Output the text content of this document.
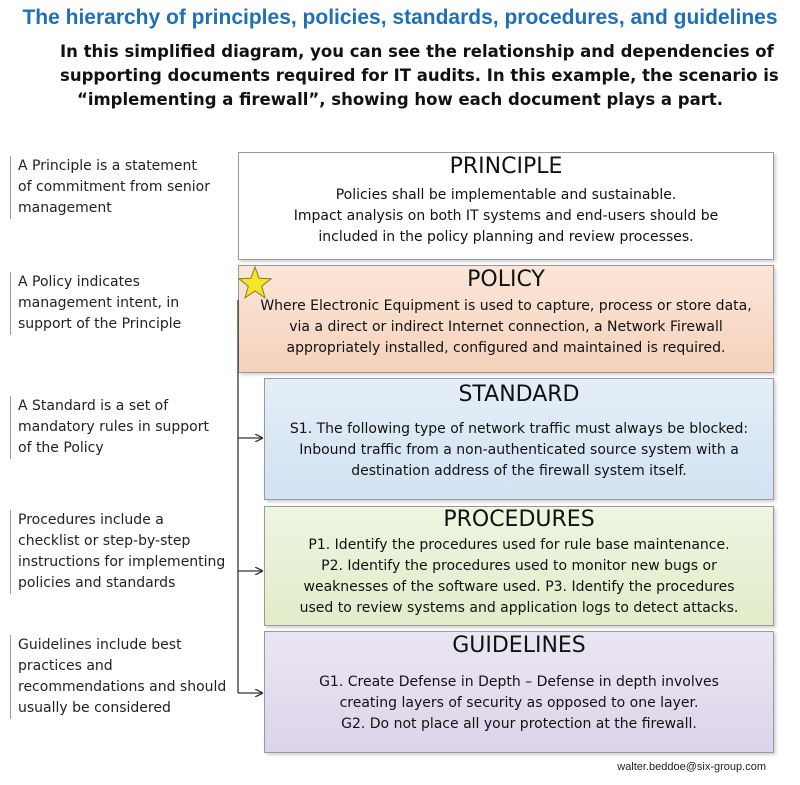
The hierarchy of principles, policies, standards, procedures, and guidelines
In this simplified diagram, you can see the relationship and dependencies of
supporting documents required for IT audits. In this example, the scenario is
“implementing a firewall”, showing how each document plays a part.
A Principle is a statement
of commitment from senior
management
A Policy indicates
management intent, in
support of the Principle
A Standard is a set of
mandatory rules in support
of the Policy
Procedures include a
checklist or step-by-step
instructions for implementing
policies and standards
Guidelines include best
practices and
recommendations and should
usually be considered
PRINCIPLE
Policies shall be implementable and sustainable.
Impact analysis on both IT systems and end-users should be
included in the policy planning and review processes.
POLICY
Where Electronic Equipment is used to capture, process or store data,
via a direct or indirect Internet connection, a Network Firewall
appropriately installed, configured and maintained is required.
STANDARD
S1. The following type of network traffic must always be blocked:
Inbound traffic from a non-authenticated source system with a
destination address of the firewall system itself.
PROCEDURES
P1. Identify the procedures used for rule base maintenance.
P2. Identify the procedures used to monitor new bugs or
weaknesses of the software used. P3. Identify the procedures
used to review systems and application logs to detect attacks.
GUIDELINES
G1. Create Defense in Depth – Defense in depth involves
creating layers of security as opposed to one layer.
G2. Do not place all your protection at the firewall.
walter.beddoe@six-group.com
